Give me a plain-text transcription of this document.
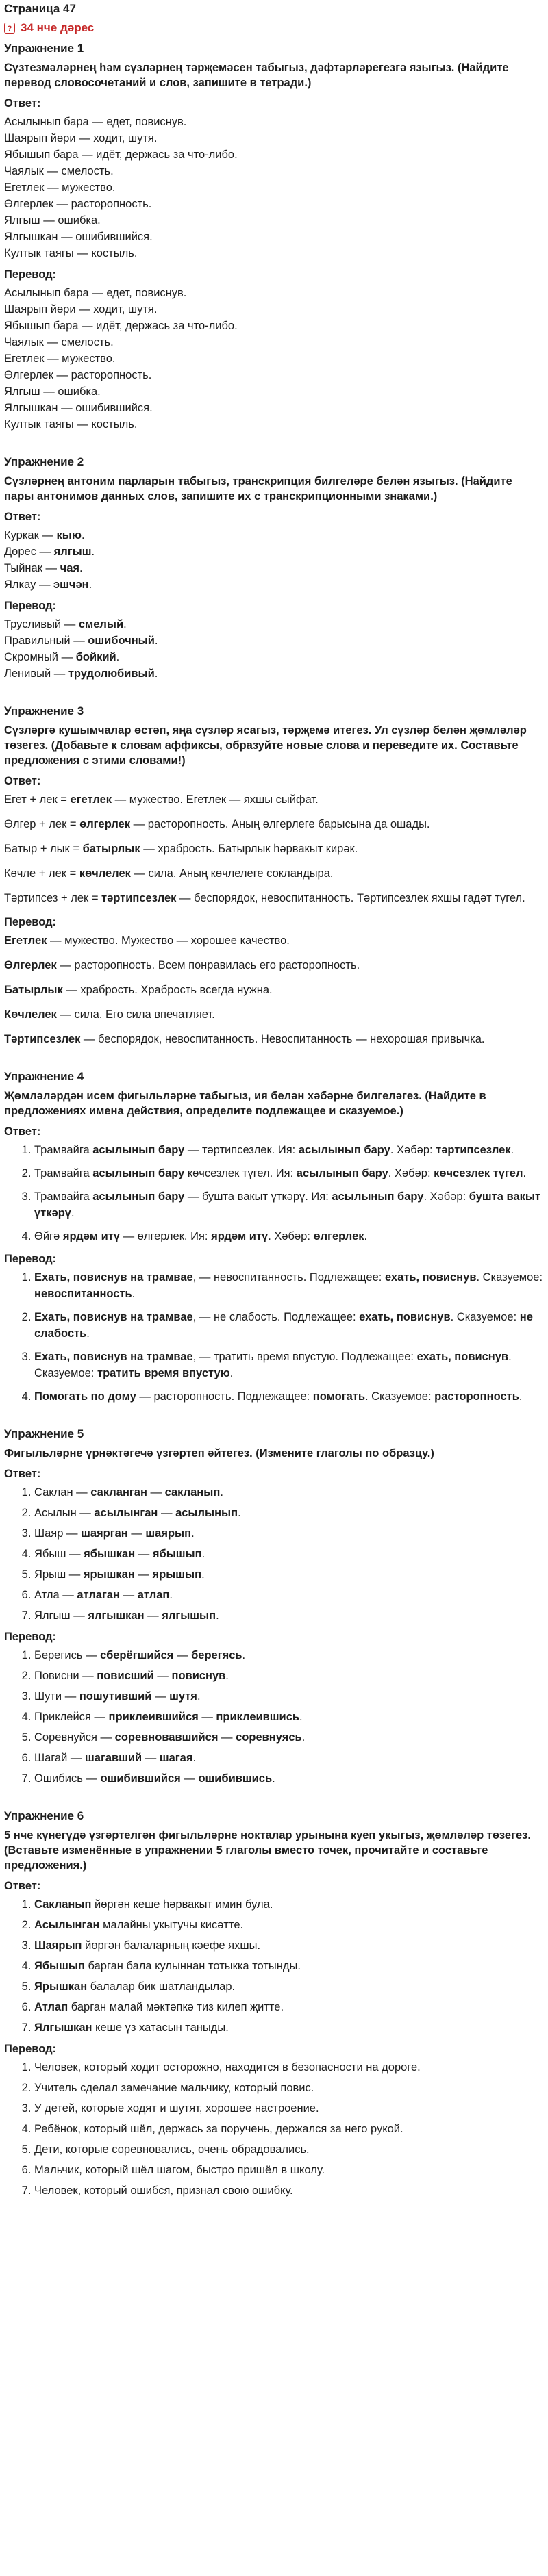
Страница 47
?
34 нче дәрес
Упражнение 1
Сүзтезмәләрнең һәм сүзләрнең тәрҗемәсен табыгыз, дәфтәрләрегезгә языгыз. (Найдите перевод словосочетаний и слов, запишите в тетради.)
Ответ:

Асылынып бара — едет, повиснув.

Шаярып йөри — ходит, шутя.

Ябышып бара — идёт, держась за что-либо.

Чаялык — смелость.

Егетлек — мужество.

Өлгерлек — расторопность.

Ялгыш — ошибка.

Ялгышкан — ошибившийся.

Култык таягы — костыль.

Перевод:

Асылынып бара — едет, повиснув.

Шаярып йөри — ходит, шутя.

Ябышып бара — идёт, держась за что-либо.

Чаялык — смелость.

Егетлек — мужество.

Өлгерлек — расторопность.

Ялгыш — ошибка.

Ялгышкан — ошибившийся.

Култык таягы — костыль.

Упражнение 2
Сүзләрнең антоним парларын табыгыз, транскрипция билгеләре белән языгыз. (Найдите пары антонимов данных слов, запишите их с транскрипционными знаками.)
Ответ:

Куркак — кыю.

Дөрес — ялгыш.

Тыйнак — чая.

Ялкау — эшчән.

Перевод:

Трусливый — смелый.

Правильный — ошибочный.

Скромный — бойкий.

Ленивый — трудолюбивый.

Упражнение 3
Сүзләргә кушымчалар өстәп, яңа сүзләр ясагыз, тәрҗемә итегез. Ул сүзләр белән җөмләләр төзегез. (Добавьте к словам аффиксы, образуйте новые слова и переведите их. Составьте предложения с этими словами!)
Ответ:

Егет + лек = егетлек — мужество. Егетлек — яхшы сыйфат.

Өлгер + лек = өлгерлек — расторопность. Аның өлгерлеге барысына да ошады.

Батыр + лык = батырлык — храбрость. Батырлык һәрвакыт кирәк.

Көчле + лек = көчлелек — сила. Аның көчлелеге сокландыра.

Тәртипсез + лек = тәртипсезлек — беспорядок, невоспитанность. Тәртипсезлек яхшы гадәт түгел.

Перевод:

Егетлек — мужество. Мужество — хорошее качество.

Өлгерлек — расторопность. Всем понравилась его расторопность.

Батырлык — храбрость. Храбрость всегда нужна.

Көчлелек — сила. Его сила впечатляет.

Тәртипсезлек — беспорядок, невоспитанность. Невоспитанность — нехорошая привычка.

Упражнение 4
Җөмләләрдән исем фигыльләрне табыгыз, ия белән хәбәрне билгеләгез. (Найдите в предложениях имена действия, определите подлежащее и сказуемое.)
Ответ:
1. Трамвайга асылынып бару — тәртипсезлек. Ия: асылынып бару. Хәбәр: тәртипсезлек.
2. Трамвайга асылынып бару көчсезлек түгел. Ия: асылынып бару. Хәбәр: көчсезлек түгел.
3. Трамвайга асылынып бару — бушта вакыт үткәрү. Ия: асылынып бару. Хәбәр: бушта вакыт үткәрү.
4. Өйгә ярдәм итү — өлгерлек. Ия: ярдәм итү. Хәбәр: өлгерлек.
Перевод:
1. Ехать, повиснув на трамвае, — невоспитанность. Подлежащее: ехать, повиснув. Сказуемое: невоспитанность.
2. Ехать, повиснув на трамвае, — не слабость. Подлежащее: ехать, повиснув. Сказуемое: не слабость.
3. Ехать, повиснув на трамвае, — тратить время впустую. Подлежащее: ехать, повиснув. Сказуемое: тратить время впустую.
4. Помогать по дому — расторопность. Подлежащее: помогать. Сказуемое: расторопность.
Упражнение 5
Фигыльләрне үрнәктәгечә үзгәртеп әйтегез. (Измените глаголы по образцу.)
Ответ:
1. Саклан — сакланган — сакланып.
2. Асылын — асылынган — асылынып.
3. Шаяр — шаярган — шаярып.
4. Ябыш — ябышкан — ябышып.
5. Ярыш — ярышкан — ярышып.
6. Атла — атлаган — атлап.
7. Ялгыш — ялгышкан — ялгышып.
Перевод:
1. Берегись — сберёгшийся — берегясь.
2. Повисни — повисший — повиснув.
3. Шути — пошутивший — шутя.
4. Приклейся — приклеившийся — приклеившись.
5. Соревнуйся — соревновавшийся — соревнуясь.
6. Шагай — шагавший — шагая.
7. Ошибись — ошибившийся — ошибившись.
Упражнение 6
5 нче күнегүдә үзгәртелгән фигыльләрне нокталар урынына куеп укыгыз, җөмләләр төзегез. (Вставьте изменённые в упражнении 5 глаголы вместо точек, прочитайте и составьте предложения.)
Ответ:
1. Сакланып йөргән кеше һәрвакыт имин була.
2. Асылынган малайны укытучы кисәтте.
3. Шаярып йөргән балаларның кәефе яхшы.
4. Ябышып барган бала кулыннан тотыкка тотынды.
5. Ярышкан балалар бик шатландылар.
6. Атлап барган малай мәктәпкә тиз килеп җитте.
7. Ялгышкан кеше үз хатасын таныды.
Перевод:
1. Человек, который ходит осторожно, находится в безопасности на дороге.
2. Учитель сделал замечание мальчику, который повис.
3. У детей, которые ходят и шутят, хорошее настроение.
4. Ребёнок, который шёл, держась за поручень, держался за него рукой.
5. Дети, которые соревновались, очень обрадовались.
6. Мальчик, который шёл шагом, быстро пришёл в школу.
7. Человек, который ошибся, признал свою ошибку.
